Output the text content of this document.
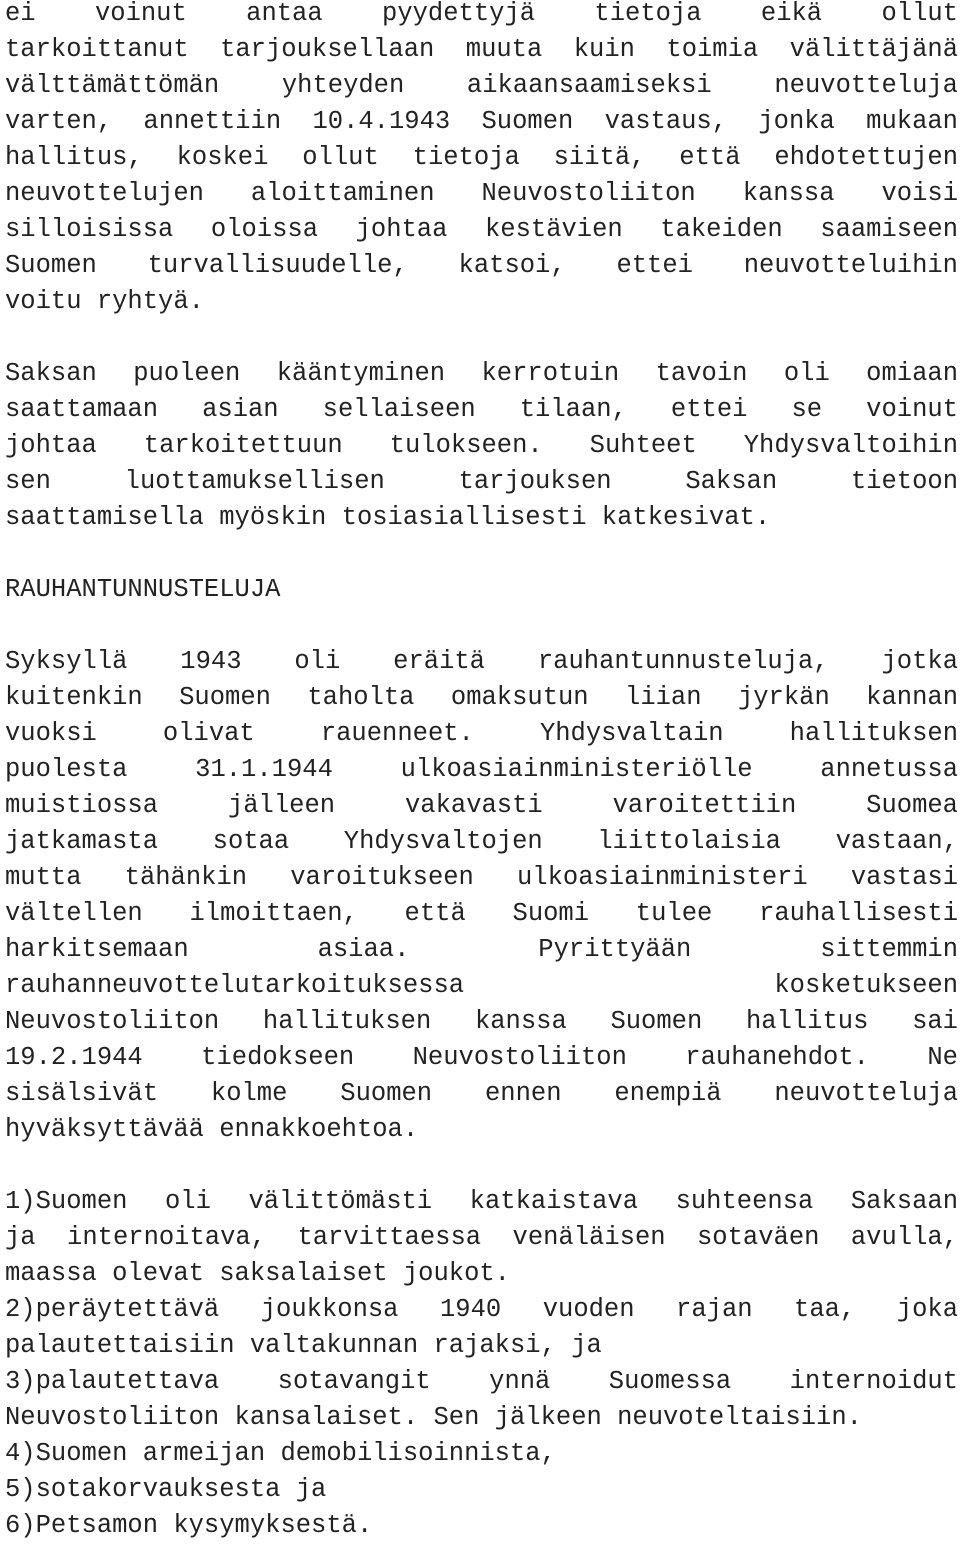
ei voinut antaa pyydettyjä tietoja eikä ollut
tarkoittanut tarjouksellaan muuta kuin toimia välittäjänä
välttämättömän yhteyden aikaansaamiseksi neuvotteluja
varten, annettiin 10.4.1943 Suomen vastaus, jonka mukaan
hallitus, koskei ollut tietoja siitä, että ehdotettujen
neuvottelujen aloittaminen Neuvostoliiton kanssa voisi
silloisissa oloissa johtaa kestävien takeiden saamiseen
Suomen turvallisuudelle, katsoi, ettei neuvotteluihin
voitu ryhtyä.
Saksan puoleen kääntyminen kerrotuin tavoin oli omiaan
saattamaan asian sellaiseen tilaan, ettei se voinut
johtaa tarkoitettuun tulokseen. Suhteet Yhdysvaltoihin
sen luottamuksellisen tarjouksen Saksan tietoon
saattamisella myöskin tosiasiallisesti katkesivat.
RAUHANTUNNUSTELUJA
Syksyllä 1943 oli eräitä rauhantunnusteluja, jotka
kuitenkin Suomen taholta omaksutun liian jyrkän kannan
vuoksi olivat rauenneet. Yhdysvaltain hallituksen
puolesta 31.1.1944 ulkoasiainministeriölle annetussa
muistiossa jälleen vakavasti varoitettiin Suomea
jatkamasta sotaa Yhdysvaltojen liittolaisia vastaan,
mutta tähänkin varoitukseen ulkoasiainministeri vastasi
vältellen ilmoittaen, että Suomi tulee rauhallisesti
harkitsemaan asiaa. Pyrittyään sittemmin
rauhanneuvottelutarkoituksessa kosketukseen
Neuvostoliiton hallituksen kanssa Suomen hallitus sai
19.2.1944 tiedokseen Neuvostoliiton rauhanehdot. Ne
sisälsivät kolme Suomen ennen enempiä neuvotteluja
hyväksyttävää ennakkoehtoa.
1)Suomen oli välittömästi katkaistava suhteensa Saksaan
ja internoitava, tarvittaessa venäläisen sotaväen avulla,
maassa olevat saksalaiset joukot.
2)peräytettävä joukkonsa 1940 vuoden rajan taa, joka
palautettaisiin valtakunnan rajaksi, ja
3)palautettava sotavangit ynnä Suomessa internoidut
Neuvostoliiton kansalaiset. Sen jälkeen neuvoteltaisiin.
4)Suomen armeijan demobilisoinnista,
5)sotakorvauksesta ja
6)Petsamon kysymyksestä.
